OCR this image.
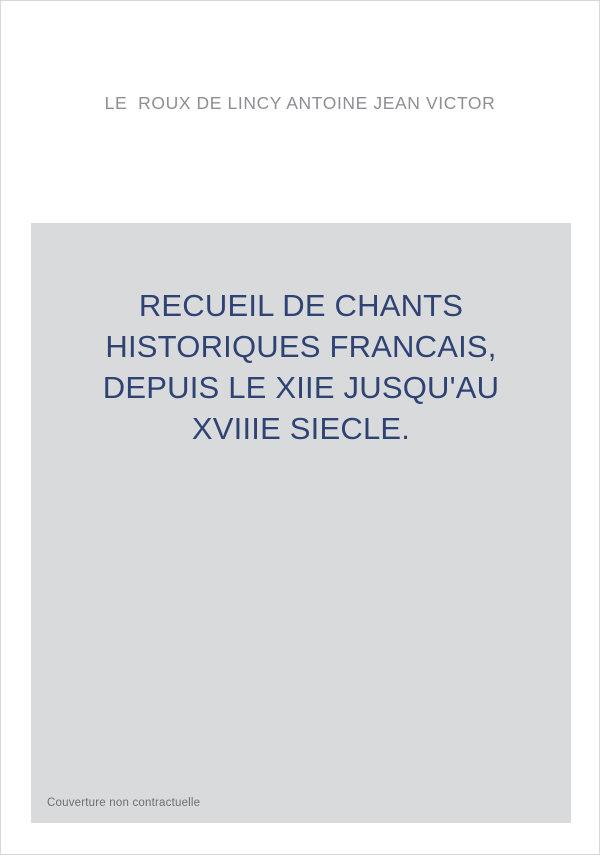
LE  ROUX DE LINCY ANTOINE JEAN VICTOR
RECUEIL DE CHANTS HISTORIQUES FRANCAIS, DEPUIS LE XIIE JUSQU'AU XVIIIE SIECLE.
Couverture non contractuelle
